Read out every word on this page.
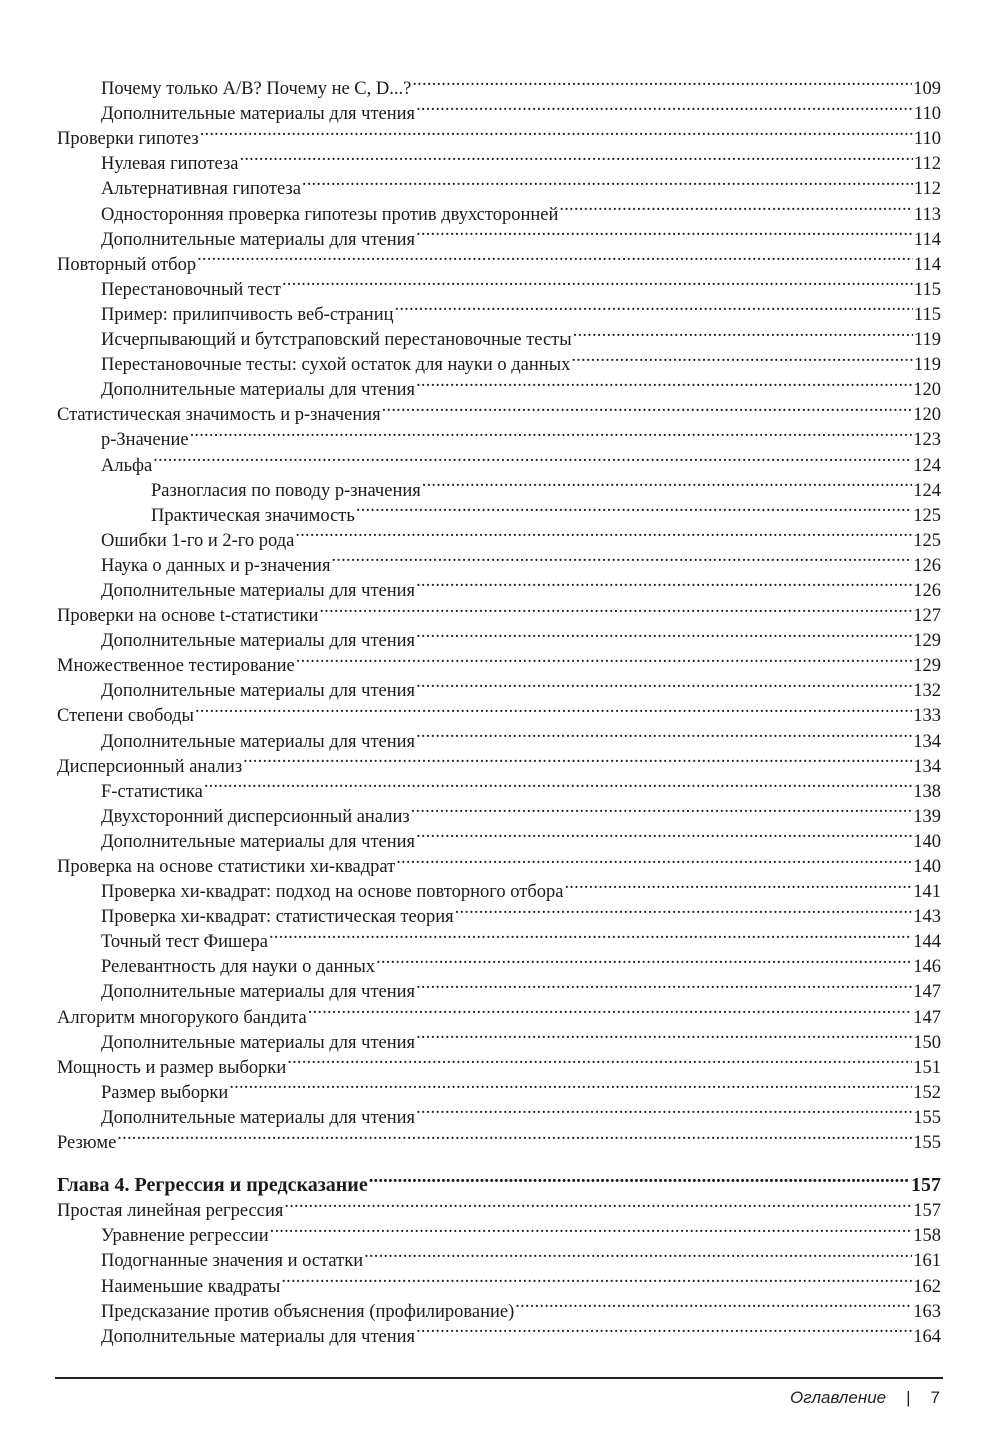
Почему только A/B? Почему не C, D...? .....	109
Дополнительные материалы для чтения .....	110
Проверки гипотез .....	110
Нулевая гипотеза .....	112
Альтернативная гипотеза .....	112
Односторонняя проверка гипотезы против двухсторонней .....	113
Дополнительные материалы для чтения .....	114
Повторный отбор .....	114
Перестановочный тест .....	115
Пример: прилипчивость веб-страниц .....	115
Исчерпывающий и бутстраповский перестановочные тесты .....	119
Перестановочные тесты: сухой остаток для науки о данных .....	119
Дополнительные материалы для чтения .....	120
Статистическая значимость и p-значения .....	120
p-Значение .....	123
Альфа .....	124
Разногласия по поводу p-значения .....	124
Практическая значимость .....	125
Ошибки 1-го и 2-го рода .....	125
Наука о данных и p-значения .....	126
Дополнительные материалы для чтения .....	126
Проверки на основе t-статистики .....	127
Дополнительные материалы для чтения .....	129
Множественное тестирование .....	129
Дополнительные материалы для чтения .....	132
Степени свободы .....	133
Дополнительные материалы для чтения .....	134
Дисперсионный анализ .....	134
F-статистика .....	138
Двухсторонний дисперсионный анализ .....	139
Дополнительные материалы для чтения .....	140
Проверка на основе статистики хи-квадрат .....	140
Проверка хи-квадрат: подход на основе повторного отбора .....	141
Проверка хи-квадрат: статистическая теория .....	143
Точный тест Фишера .....	144
Релевантность для науки о данных .....	146
Дополнительные материалы для чтения .....	147
Алгоритм многорукого бандита .....	147
Дополнительные материалы для чтения .....	150
Мощность и размер выборки .....	151
Размер выборки .....	152
Дополнительные материалы для чтения .....	155
Резюме .....	155
Глава 4. Регрессия и предсказание .....	157
Простая линейная регрессия .....	157
Уравнение регрессии .....	158
Подогнанные значения и остатки .....	161
Наименьшие квадраты .....	162
Предсказание против объяснения (профилирование) .....	163
Дополнительные материалы для чтения .....	164
Оглавление	|	7
